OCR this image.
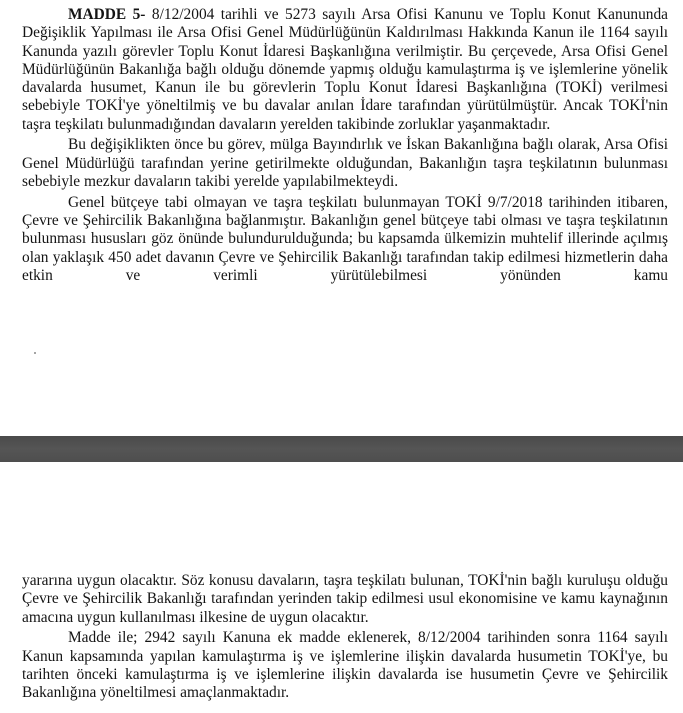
MADDE 5- 8/12/2004 tarihli ve 5273 sayılı Arsa Ofisi Kanunu ve Toplu Konut Kanununda Değişiklik Yapılması ile Arsa Ofisi Genel Müdürlüğünün Kaldırılması Hakkında Kanun ile 1164 sayılı Kanunda yazılı görevler Toplu Konut İdaresi Başkanlığına verilmiştir. Bu çerçevede, Arsa Ofisi Genel Müdürlüğünün Bakanlığa bağlı olduğu dönemde yapmış olduğu kamulaştırma iş ve işlemlerine yönelik davalarda husumet, Kanun ile bu görevlerin Toplu Konut İdaresi Başkanlığına (TOKİ) verilmesi sebebiyle TOKİ'ye yöneltilmiş ve bu davalar anılan İdare tarafından yürütülmüştür. Ancak TOKİ'nin taşra teşkilatı bulunmadığından davaların yerelden takibinde zorluklar yaşanmaktadır.

Bu değişiklikten önce bu görev, mülga Bayındırlık ve İskan Bakanlığına bağlı olarak, Arsa Ofisi Genel Müdürlüğü tarafından yerine getirilmekte olduğundan, Bakanlığın taşra teşkilatının bulunması sebebiyle mezkur davaların takibi yerelde yapılabilmekteydi.

Genel bütçeye tabi olmayan ve taşra teşkilatı bulunmayan TOKİ 9/7/2018 tarihinden itibaren, Çevre ve Şehircilik Bakanlığına bağlanmıştır. Bakanlığın genel bütçeye tabi olması ve taşra teşkilatının bulunması hususları göz önünde bulundurulduğunda; bu kapsamda ülkemizin muhtelif illerinde açılmış olan yaklaşık 450 adet davanın Çevre ve Şehircilik Bakanlığı tarafından takip edilmesi hizmetlerin daha etkin ve verimli yürütülebilmesi yönünden kamu

yararına uygun olacaktır. Söz konusu davaların, taşra teşkilatı bulunan, TOKİ'nin bağlı kuruluşu olduğu Çevre ve Şehircilik Bakanlığı tarafından yerinden takip edilmesi usul ekonomisine ve kamu kaynağının amacına uygun kullanılması ilkesine de uygun olacaktır.

Madde ile; 2942 sayılı Kanuna ek madde eklenerek, 8/12/2004 tarihinden sonra 1164 sayılı Kanun kapsamında yapılan kamulaştırma iş ve işlemlerine ilişkin davalarda husumetin TOKİ'ye, bu tarihten önceki kamulaştırma iş ve işlemlerine ilişkin davalarda ise husumetin Çevre ve Şehircilik Bakanlığına yöneltilmesi amaçlanmaktadır.
